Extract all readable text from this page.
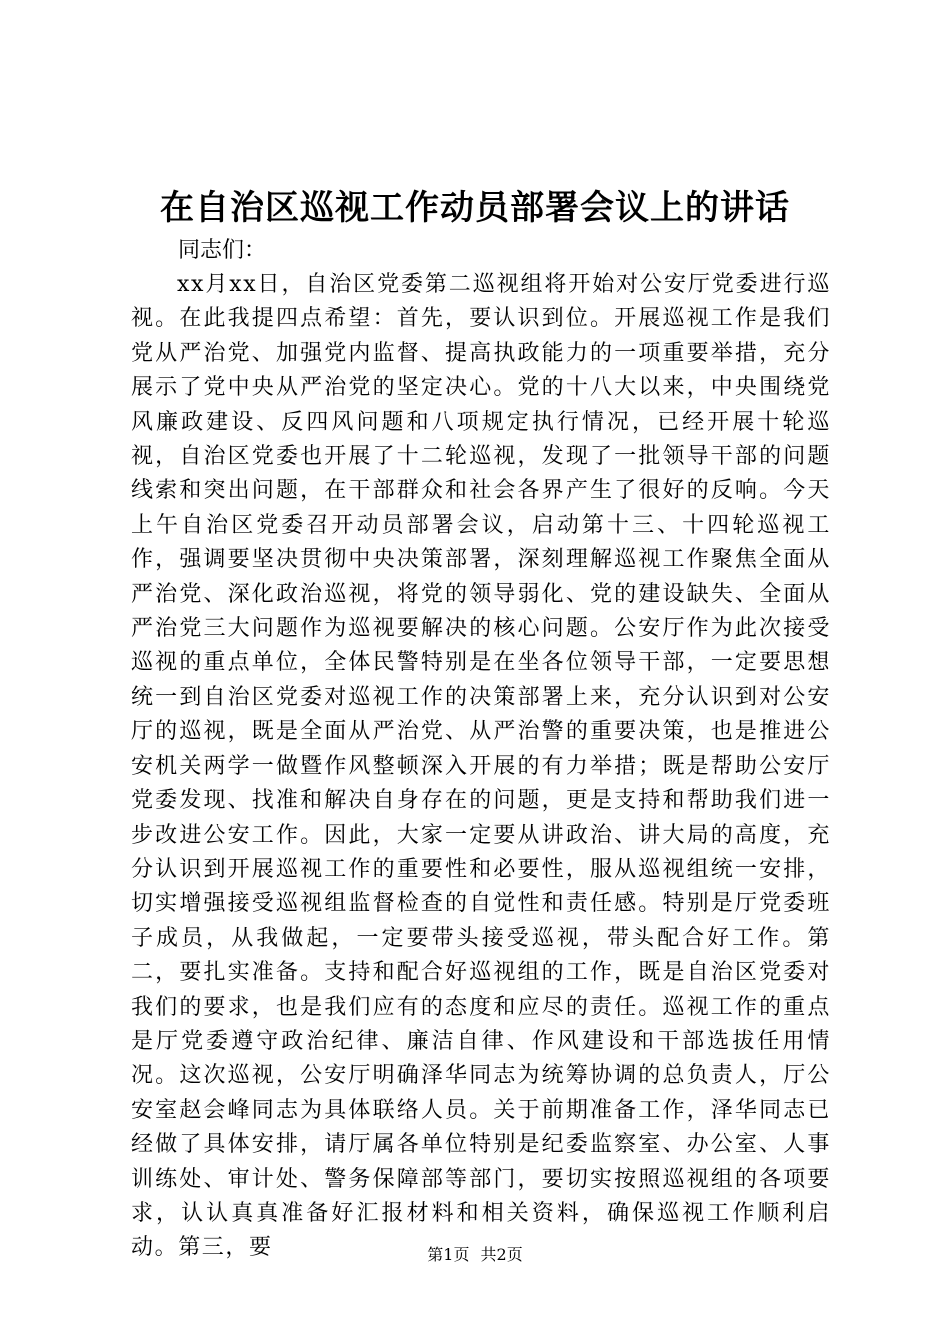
在自治区巡视工作动员部署会议上的讲话

同志们：

xx月xx日，自治区党委第二巡视组将开始对公安厅党委进行巡视。在此我提四点希望：首先，要认识到位。开展巡视工作是我们党从严治党、加强党内监督、提高执政能力的一项重要举措，充分展示了党中央从严治党的坚定决心。党的十八大以来，中央围绕党风廉政建设、反四风问题和八项规定执行情况，已经开展十轮巡视，自治区党委也开展了十二轮巡视，发现了一批领导干部的问题线索和突出问题，在干部群众和社会各界产生了很好的反响。今天上午自治区党委召开动员部署会议，启动第十三、十四轮巡视工作，强调要坚决贯彻中央决策部署，深刻理解巡视工作聚焦全面从严治党、深化政治巡视，将党的领导弱化、党的建设缺失、全面从严治党三大问题作为巡视要解决的核心问题。公安厅作为此次接受巡视的重点单位，全体民警特别是在坐各位领导干部，一定要思想统一到自治区党委对巡视工作的决策部署上来，充分认识到对公安厅的巡视，既是全面从严治党、从严治警的重要决策，也是推进公安机关两学一做暨作风整顿深入开展的有力举措；既是帮助公安厅党委发现、找准和解决自身存在的问题，更是支持和帮助我们进一步改进公安工作。因此，大家一定要从讲政治、讲大局的高度，充分认识到开展巡视工作的重要性和必要性，服从巡视组统一安排，切实增强接受巡视组监督检查的自觉性和责任感。特别是厅党委班子成员，从我做起，一定要带头接受巡视，带头配合好工作。第二，要扎实准备。支持和配合好巡视组的工作，既是自治区党委对我们的要求，也是我们应有的态度和应尽的责任。巡视工作的重点是厅党委遵守政治纪律、廉洁自律、作风建设和干部选拔任用情况。这次巡视，公安厅明确泽华同志为统筹协调的总负责人，厅公安室赵会峰同志为具体联络人员。关于前期准备工作，泽华同志已经做了具体安排，请厅属各单位特别是纪委监察室、办公室、人事训练处、审计处、警务保障部等部门，要切实按照巡视组的各项要求，认认真真准备好汇报材料和相关资料，确保巡视工作顺利启动。第三，要	第1页 共2页
